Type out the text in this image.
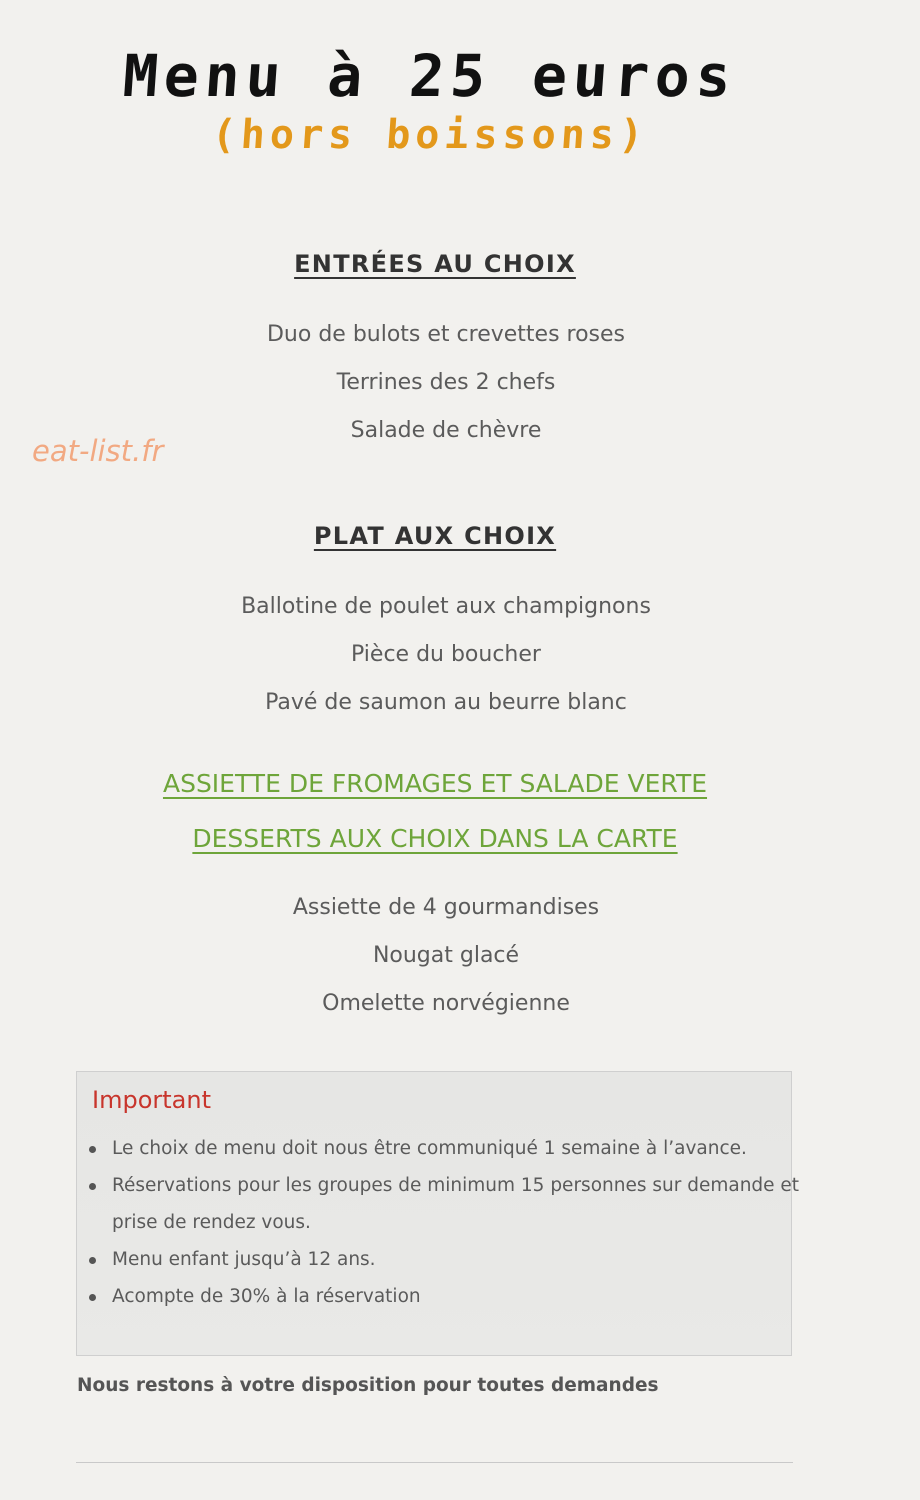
Menu à 25 euros
(hors boissons)
eat-list.fr
ENTRÉES AU CHOIX
Duo de bulots et crevettes roses
Terrines des 2 chefs
Salade de chèvre
PLAT AUX CHOIX
Ballotine de poulet aux champignons
Pièce du boucher
Pavé de saumon au beurre blanc
ASSIETTE DE FROMAGES ET SALADE VERTE
DESSERTS AUX CHOIX DANS LA CARTE
Assiette de 4 gourmandises
Nougat glacé
Omelette norvégienne
Important
Le choix de menu doit nous être communiqué 1 semaine à l’avance.
Réservations pour les groupes de minimum 15 personnes sur demande et prise de rendez vous.
Menu enfant jusqu’à 12 ans.
Acompte de 30% à la réservation
Nous restons à votre disposition pour toutes demandes
